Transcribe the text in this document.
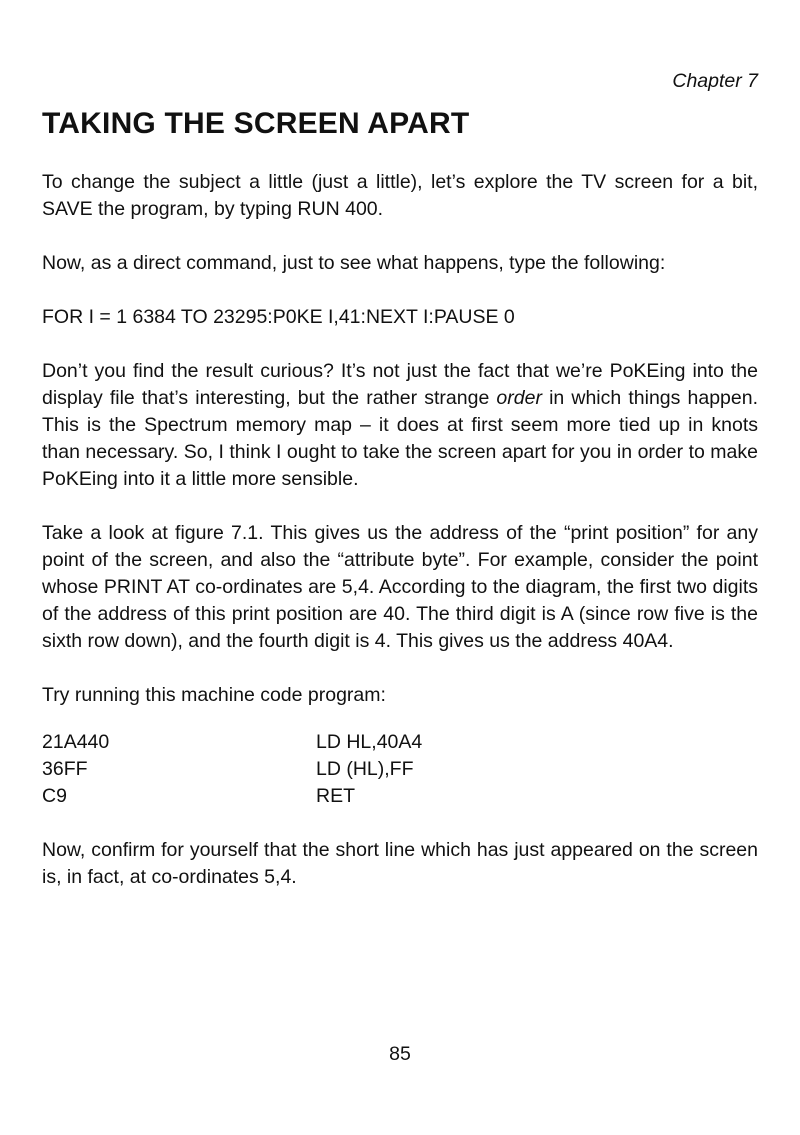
Chapter 7
TAKING THE SCREEN APART

To change the subject a little (just a little), let’s explore the TV screen for a bit, SAVE the program, by typing RUN 400.

Now, as a direct command, just to see what happens, type the following:

FOR I = 1 6384 TO 23295:P0KE I,41:NEXT I:PAUSE 0

Don’t you find the result curious? It’s not just the fact that we’re PoKEing into the display file that’s interesting, but the rather strange order in which things happen. This is the Spectrum memory map – it does at first seem more tied up in knots than necessary. So, I think I ought to take the screen apart for you in order to make PoKEing into it a little more sensible.

Take a look at figure 7.1. This gives us the address of the “print position” for any point of the screen, and also the “attribute byte”. For example, consider the point whose PRINT AT co-ordinates are 5,4. According to the diagram, the first two digits of the address of this print position are 40. The third digit is A (since row five is the sixth row down), and the fourth digit is 4. This gives us the address 40A4.

Try running this machine code program:

21A440	LD HL,40A4
36FF	LD (HL),FF
C9	RET

Now, confirm for yourself that the short line which has just appeared on the screen is, in fact, at co-ordinates 5,4.

85
